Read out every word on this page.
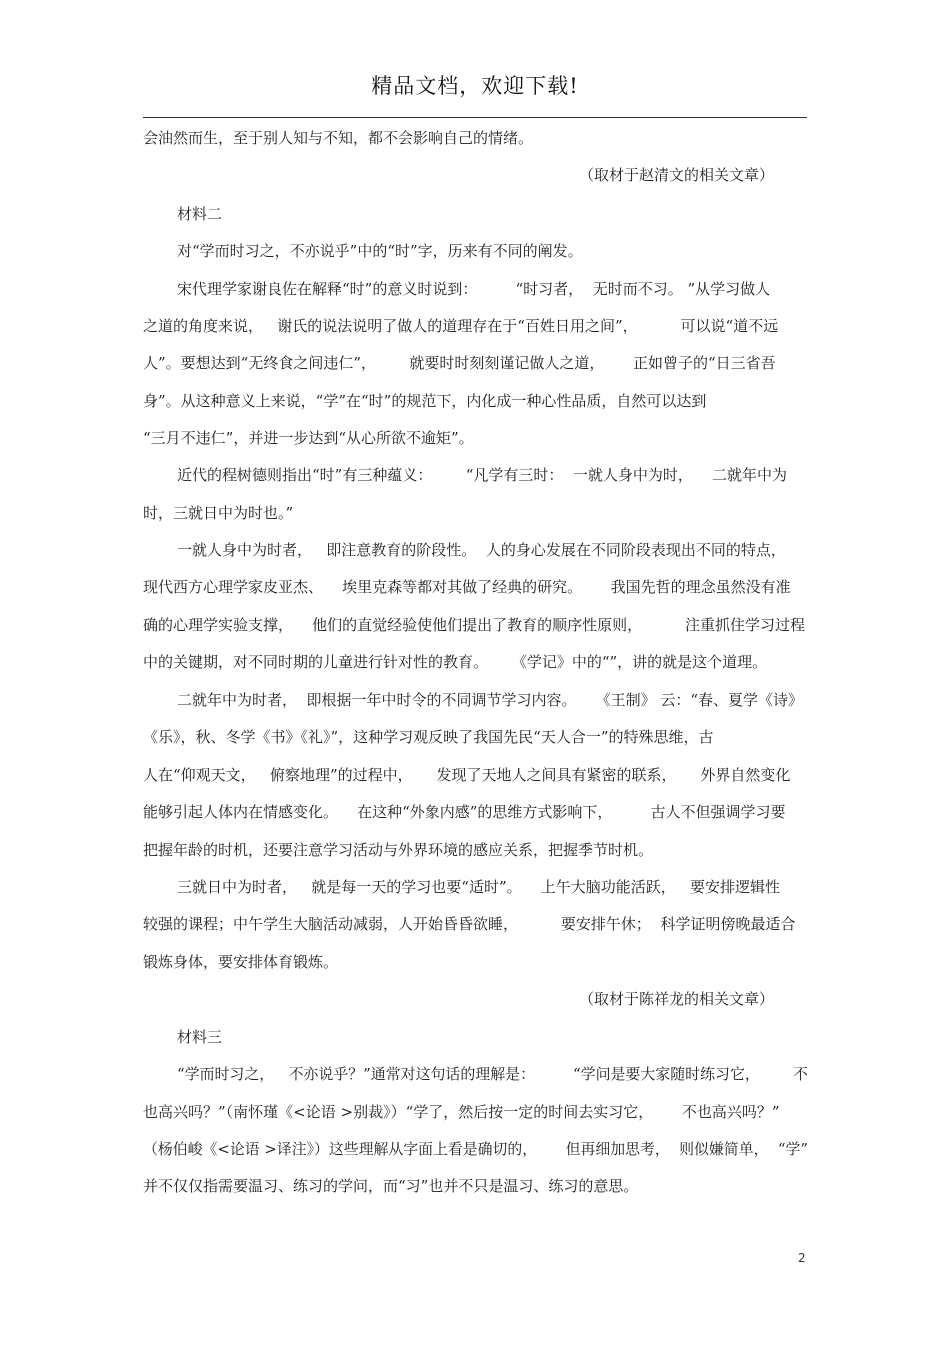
精品文档，欢迎下载!
会油然而生，至于别人知与不知，都不会影响自己的情绪。
（取材于赵清文的相关文章）
材料二
对“学而时习之，不亦说乎”中的“时”字，历来有不同的阐发。
宋代理学家谢良佐在解释“时”的意义时说到：        “时习者，  无时而不习。 ”从学习做人
之道的角度来说，   谢氏的说法说明了做人的道理存在于“百姓日用之间”，         可以说“道不远
人”。要想达到“无终食之间违仁”，       就要时时刻刻谨记做人之道，      正如曾子的“日三省吾
身”。从这种意义上来说，“学”在“时”的规范下，内化成一种心性品质，自然可以达到
“三月不违仁”，并进一步达到“从心所欲不逾矩”。
近代的程树德则指出“时”有三种蕴义：       “凡学有三时：  一就人身中为时，    二就年中为
时，三就日中为时也。”
一就人身中为时者，   即注意教育的阶段性。  人的身心发展在不同阶段表现出不同的特点，
现代西方心理学家皮亚杰、    埃里克森等都对其做了经典的研究。      我国先哲的理念虽然没有准
确的心理学实验支撑，    他们的直觉经验使他们提出了教育的顺序性原则，         注重抓住学习过程
中的关键期，对不同时期的儿童进行针对性的教育。     《学记》中的“”，讲的就是这个道理。
二就年中为时者，  即根据一年中时令的不同调节学习内容。    《王制》 云：“春、夏学《诗》
《乐》，秋、冬学《书》《礼》”，这种学习观反映了我国先民“天人合一”的特殊思维，古
人在“仰观天文，   俯察地理”的过程中，     发现了天地人之间具有紧密的联系，     外界自然变化
能够引起人体内在情感变化。    在这种“外象内感”的思维方式影响下，        古人不但强调学习要
把握年龄的时机，还要注意学习活动与外界环境的感应关系，把握季节时机。
三就日中为时者，   就是每一天的学习也要“适时”。    上午大脑功能活跃，   要安排逻辑性
较强的课程；中午学生大脑活动减弱，人开始昏昏欲睡，         要安排午休；  科学证明傍晚最适合
锻炼身体，要安排体育锻炼。
（取材于陈祥龙的相关文章）
材料三
“学而时习之，   不亦说乎？”通常对这句话的理解是：        “学问是要大家随时练习它，       不
也高兴吗？”（南怀瑾《<论语 >别裁》）“学了，然后按一定的时间去实习它，      不也高兴吗？”
（杨伯峻《<论语 >译注》）这些理解从字面上看是确切的，      但再细加思考，  则似嫌简单，  “学”
并不仅仅指需要温习、练习的学问，而“习”也并不只是温习、练习的意思。
2
